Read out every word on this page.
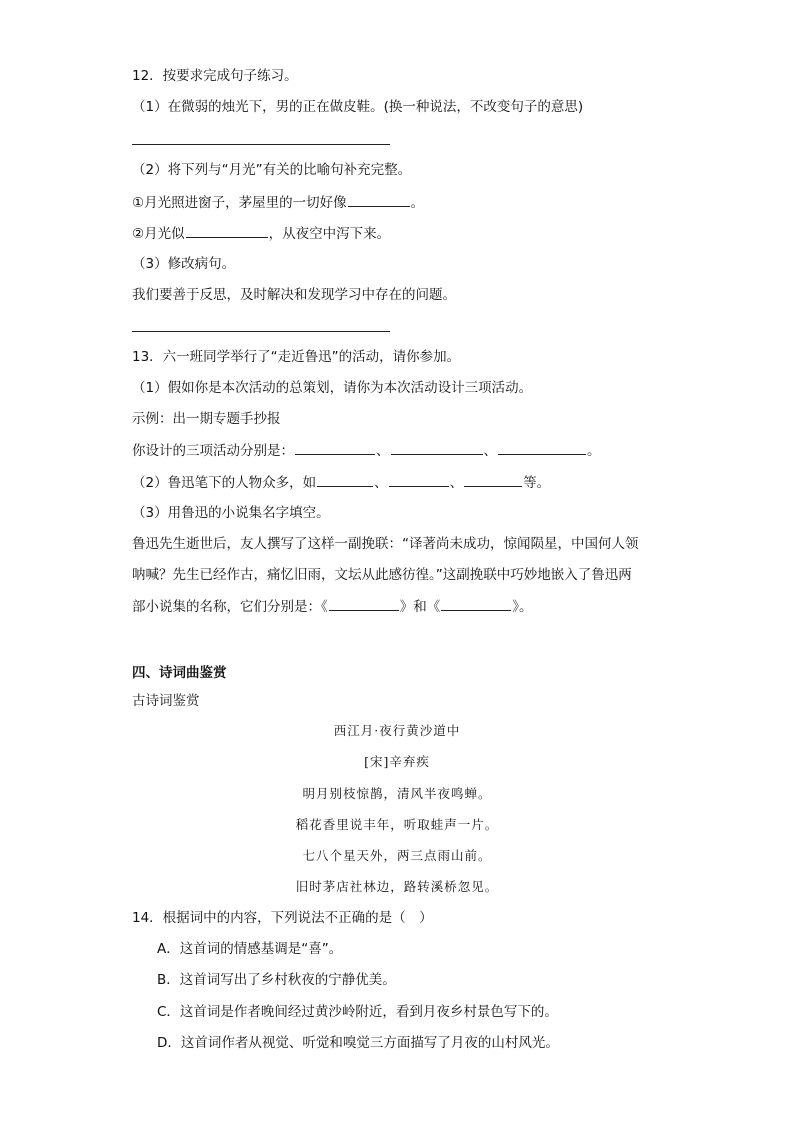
12．按要求完成句子练习。
（1）在微弱的烛光下，男的正在做皮鞋。(换一种说法，不改变句子的意思)
（2）将下列与“月光”有关的比喻句补充完整。
①月光照进窗子，茅屋里的一切好像	。
②月光似	，从夜空中泻下来。
（3）修改病句。
我们要善于反思，及时解决和发现学习中存在的问题。
13．六一班同学举行了“走近鲁迅”的活动，请你参加。
（1）假如你是本次活动的总策划，请你为本次活动设计三项活动。
示例：出一期专题手抄报
你设计的三项活动分别是：	、	、	。
（2）鲁迅笔下的人物众多，如	、	、	等。
（3）用鲁迅的小说集名字填空。
鲁迅先生逝世后，友人撰写了这样一副挽联：“译著尚未成功，惊闻陨星，中国何人领
呐喊？先生已经作古，痛忆旧雨，文坛从此感彷徨。”这副挽联中巧妙地嵌入了鲁迅两
部小说集的名称，它们分别是：《	》和《	》。
四、诗词曲鉴赏
古诗词鉴赏
西江月·夜行黄沙道中
[宋]辛弃疾
明月别枝惊鹊，清风半夜鸣蝉。
稻花香里说丰年，听取蛙声一片。
七八个星天外，两三点雨山前。
旧时茅店社林边，路转溪桥忽见。
14．根据词中的内容，下列说法不正确的是（　）
A．这首词的情感基调是“喜”。
B．这首词写出了乡村秋夜的宁静优美。
C．这首词是作者晚间经过黄沙岭附近，看到月夜乡村景色写下的。
D．这首词作者从视觉、听觉和嗅觉三方面描写了月夜的山村风光。
